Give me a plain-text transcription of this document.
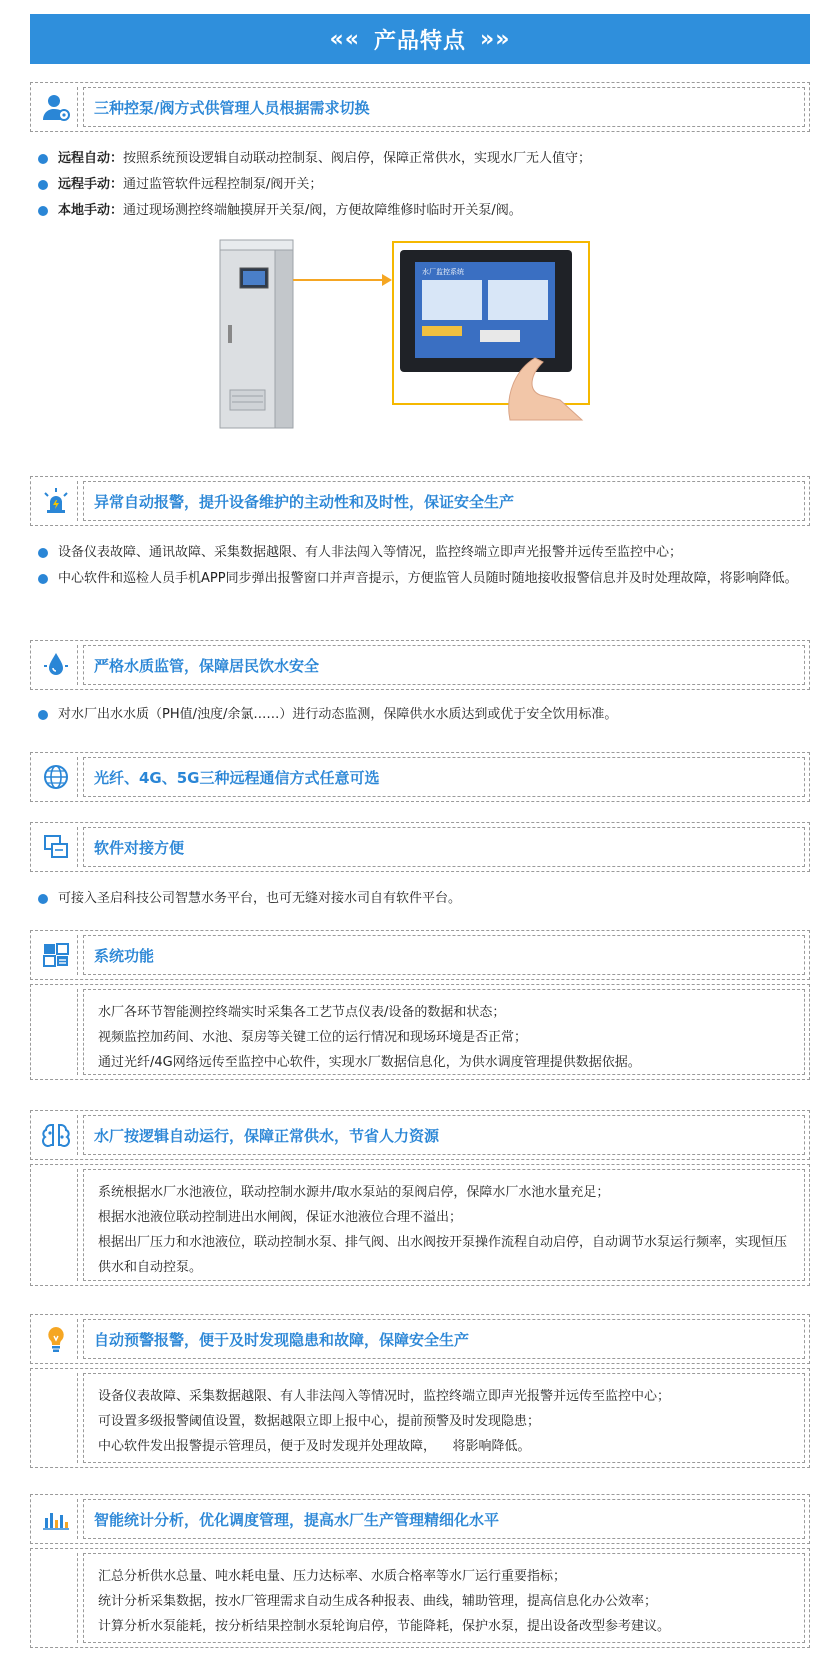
«« 产品特点 »»
三种控泵/阀方式供管理人员根据需求切换
远程自动：按照系统预设逻辑自动联动控制泵、阀启停，保障正常供水，实现水厂无人值守；
远程手动：通过监管软件远程控制泵/阀开关；
本地手动：通过现场测控终端触摸屏开关泵/阀，方便故障维修时临时开关泵/阀。
水厂监控系统
异常自动报警，提升设备维护的主动性和及时性，保证安全生产
设备仪表故障、通讯故障、采集数据越限、有人非法闯入等情况，监控终端立即声光报警并远传至监控中心；
中心软件和巡检人员手机APP同步弹出报警窗口并声音提示，方便监管人员随时随地接收报警信息并及时处理故障，将影响降低。
严格水质监管，保障居民饮水安全
对水厂出水水质（PH值/浊度/余氯……）进行动态监测，保障供水水质达到或优于安全饮用标准。
光纤、4G、5G三种远程通信方式任意可选
软件对接方便
可接入圣启科技公司智慧水务平台，也可无缝对接水司自有软件平台。
系统功能

水厂各环节智能测控终端实时采集各工艺节点仪表/设备的数据和状态；

视频监控加药间、水池、泵房等关键工位的运行情况和现场环境是否正常；

通过光纤/4G网络远传至监控中心软件，实现水厂数据信息化，为供水调度管理提供数据依据。

水厂按逻辑自动运行，保障正常供水，节省人力资源

系统根据水厂水池液位，联动控制水源井/取水泵站的泵阀启停，保障水厂水池水量充足；

根据水池液位联动控制进出水闸阀，保证水池液位合理不溢出；

根据出厂压力和水池液位，联动控制水泵、排气阀、出水阀按开泵操作流程自动启停，自动调节水泵运行频率，实现恒压供水和自动控泵。

自动预警报警，便于及时发现隐患和故障，保障安全生产

设备仪表故障、采集数据越限、有人非法闯入等情况时，监控终端立即声光报警并远传至监控中心；

可设置多级报警阈值设置，数据越限立即上报中心，提前预警及时发现隐患；

中心软件发出报警提示管理员，便于及时发现并处理故障，    将影响降低。

智能统计分析，优化调度管理，提高水厂生产管理精细化水平

汇总分析供水总量、吨水耗电量、压力达标率、水质合格率等水厂运行重要指标；

统计分析采集数据，按水厂管理需求自动生成各种报表、曲线，辅助管理，提高信息化办公效率；

计算分析水泵能耗，按分析结果控制水泵轮询启停，节能降耗，保护水泵，提出设备改型参考建议。
